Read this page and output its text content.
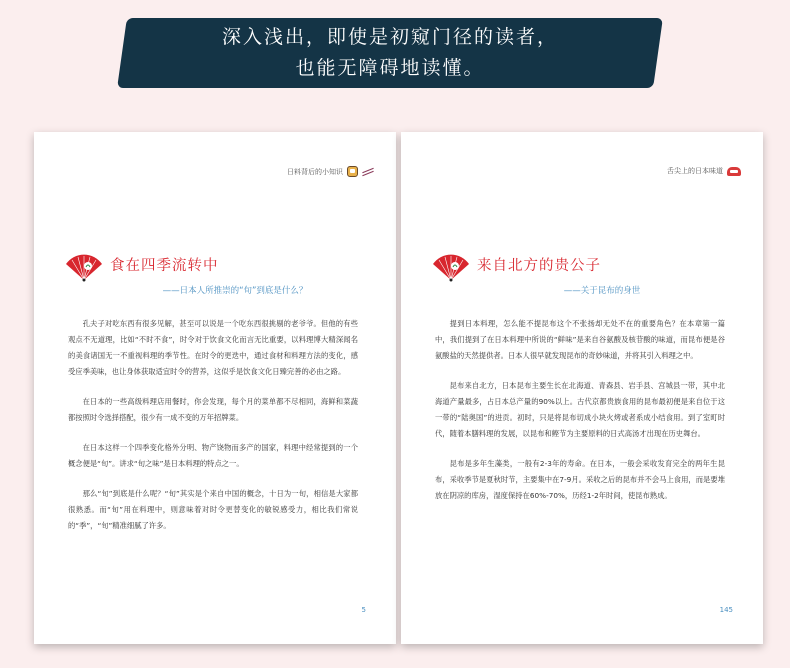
深入浅出，即使是初窥门径的读者，
也能无障碍地读懂。
日料背后的小知识
食在四季流转中
——日本人所推崇的“旬”到底是什么？

孔夫子对吃东西有很多见解，甚至可以说是一个吃东西很挑剔的老爷爷。但他的有些观点不无道理，比如“不时不食”，时令对于饮食文化而言无比重要，以料理博大精深闻名的美食诸国无一不重视料理的季节性。在时令的更迭中，通过食材和料理方法的变化，感受应季美味，也让身体获取适宜时令的营养，这似乎是饮食文化日臻完善的必由之路。

在日本的一些高级料理店用餐时，你会发现，每个月的菜单都不尽相同，海鲜和菜蔬都按照时令选择搭配，很少有一成不变的万年招牌菜。

在日本这样一个四季变化格外分明、物产饶物而多产的国家，料理中经常提到的一个概念便是“旬”。讲求“旬之味”是日本料理的特点之一。

那么“旬”到底是什么呢？“旬”其实是个来自中国的概念，十日为一旬，相信是大家都很熟悉。而“旬”用在料理中，则意味着对时令更替变化的敏锐感受力，相比我们常说的“季”，“旬”精准细腻了许多。

5
舌尖上的日本味道
来自北方的贵公子
——关于昆布的身世

提到日本料理，怎么能不提昆布这个不张扬却无处不在的重要角色？在本章第一篇中，我们提到了在日本料理中所说的“鲜味”是来自谷氨酸及核苷酸的味道，而昆布便是谷氨酸盐的天然提供者。日本人很早就发现昆布的奇妙味道，并将其引入料理之中。

昆布来自北方，日本昆布主要生长在北海道、青森县、岩手县、宫城县一带，其中北海道产量最多，占日本总产量的90%以上。古代京都贵族食用的昆布最初便是来自位于这一带的“陆奥国”的进贡。初时，只是将昆布切成小块火烤或者系成小结食用。到了室町时代，随着本膳料理的发展，以昆布和鲣节为主要原料的日式高汤才出现在历史舞台。

昆布是多年生藻类，一般有2-3年的寿命。在日本，一般会采收发育完全的两年生昆布，采收季节是夏秋时节，主要集中在7-9月。采收之后的昆布并不会马上食用，而是要堆放在阴凉的库房，湿度保持在60%-70%，历经1-2年时间，使昆布熟成。

145
